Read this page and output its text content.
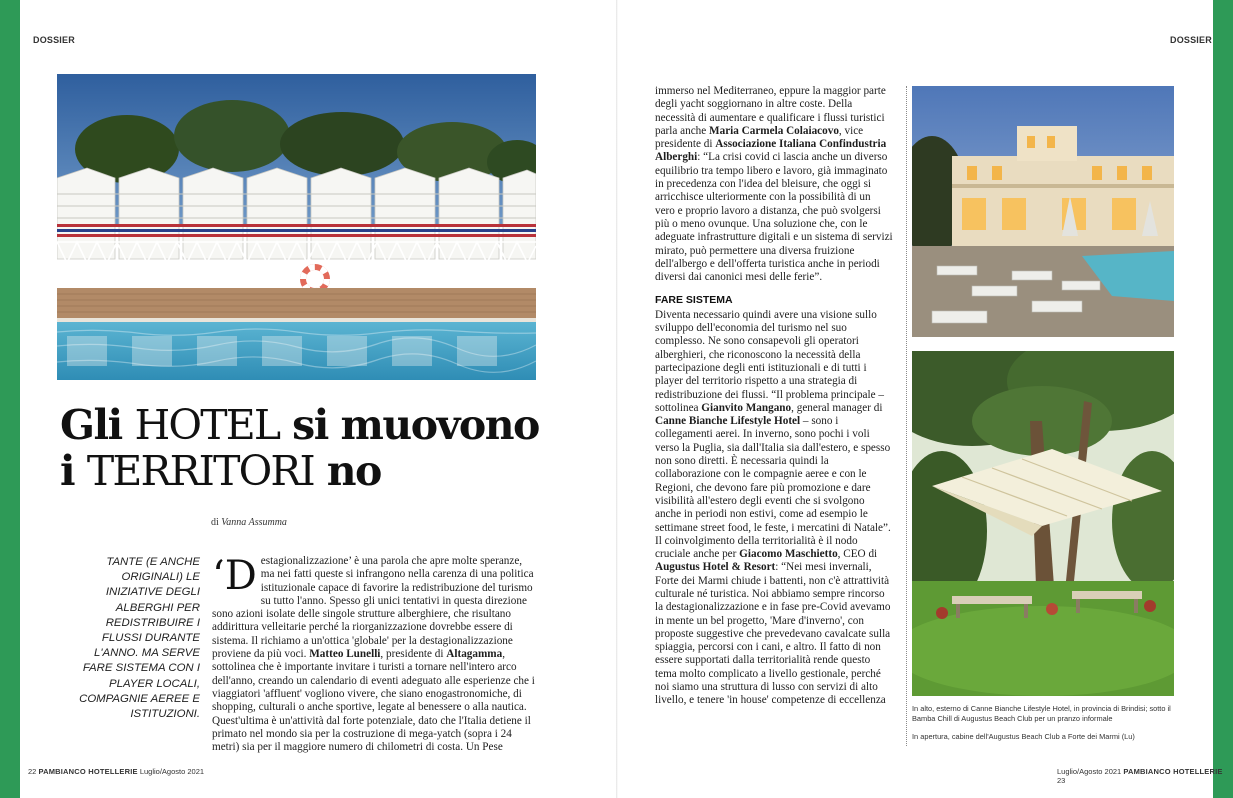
DOSSIER	DOSSIER
Gli HOTEL si muovono
i TERRITORI no
di Vanna Assumma
TANTE (E ANCHE ORIGINALI) LE INIZIATIVE DEGLI ALBERGHI PER REDISTRIBUIRE I FLUSSI DURANTE L'ANNO. MA SERVE FARE SISTEMA CON I PLAYER LOCALI, COMPAGNIE AEREE E ISTITUZIONI.
‘D estagionalizzazione’ è una parola che apre molte speranze, ma nei fatti queste si infrangono nella carenza di una politica istituzionale capace di favorire la redistribuzione del turismo su tutto l'anno. Spesso gli unici tentativi in questa direzione sono azioni isolate delle singole strutture alberghiere, che risultano addirittura velleitarie perché la riorganizzazione dovrebbe essere di sistema. Il richiamo a un'ottica 'globale' per la destagionalizzazione proviene da più voci. Matteo Lunelli, presidente di Altagamma, sottolinea che è importante invitare i turisti a tornare nell'intero arco dell'anno, creando un calendario di eventi adeguato alle esperienze che i viaggiatori 'affluent' vogliono vivere, che siano enogastronomiche, di shopping, culturali o anche sportive, legate al benessere o alla nautica. Quest'ultima è un'attività dal forte potenziale, dato che l'Italia detiene il primato nel mondo sia per la costruzione di mega-yatch (sopra i 24 metri) sia per il maggiore numero di chilometri di costa. Un Pese
immerso nel Mediterraneo, eppure la maggior parte degli yacht soggiornano in altre coste. Della necessità di aumentare e qualificare i flussi turistici parla anche Maria Carmela Colaiacovo, vice presidente di Associazione Italiana Confindustria Alberghi: “La crisi covid ci lascia anche un diverso equilibrio tra tempo libero e lavoro, già immaginato in precedenza con l'idea del bleisure, che oggi si arricchisce ulteriormente con la possibilità di un vero e proprio lavoro a distanza, che può svolgersi più o meno ovunque. Una soluzione che, con le adeguate infrastrutture digitali e un sistema di servizi mirato, può permettere una diversa fruizione dell'albergo e dell'offerta turistica anche in periodi diversi dai canonici mesi delle ferie”.
FARE SISTEMA
Diventa necessario quindi avere una visione sullo sviluppo dell'economia del turismo nel suo complesso. Ne sono consapevoli gli operatori alberghieri, che riconoscono la necessità della partecipazione degli enti istituzionali e di tutti i player del territorio rispetto a una strategia di redistribuzione dei flussi. “Il problema principale – sottolinea Gianvito Mangano, general manager di Canne Bianche Lifestyle Hotel – sono i collegamenti aerei. In inverno, sono pochi i voli verso la Puglia, sia dall'Italia sia dall'estero, e spesso non sono diretti. È necessaria quindi la collaborazione con le compagnie aeree e con le Regioni, che devono fare più promozione e dare visibilità all'estero degli eventi che si svolgono anche in periodi non estivi, come ad esempio le settimane street food, le feste, i mercatini di Natale”. Il coinvolgimento della territorialità è il nodo cruciale anche per Giacomo Maschietto, CEO di Augustus Hotel & Resort: “Nei mesi invernali, Forte dei Marmi chiude i battenti, non c'è attrattività culturale né turistica. Noi abbiamo sempre rincorso la destagionalizzazione e in fase pre-Covid avevamo in mente un bel progetto, 'Mare d'inverno', con proposte suggestive che prevedevano cavalcate sulla spiaggia, percorsi con i cani, e altro. Il fatto di non essere supportati dalla territorialità rende questo tema molto complicato a livello gestionale, perché noi siamo una struttura di lusso con servizi di alto livello, e tenere 'in house' competenze di eccellenza
In alto, esterno di Canne Bianche Lifestyle Hotel, in provincia di Brindisi; sotto il Bamba Chill di Augustus Beach Club per un pranzo informale
In apertura, cabine dell'Augustus Beach Club a Forte dei Marmi (Lu)
22 PAMBIANCO HOTELLERIE Luglio/Agosto 2021	Luglio/Agosto 2021 PAMBIANCO HOTELLERIE 23
